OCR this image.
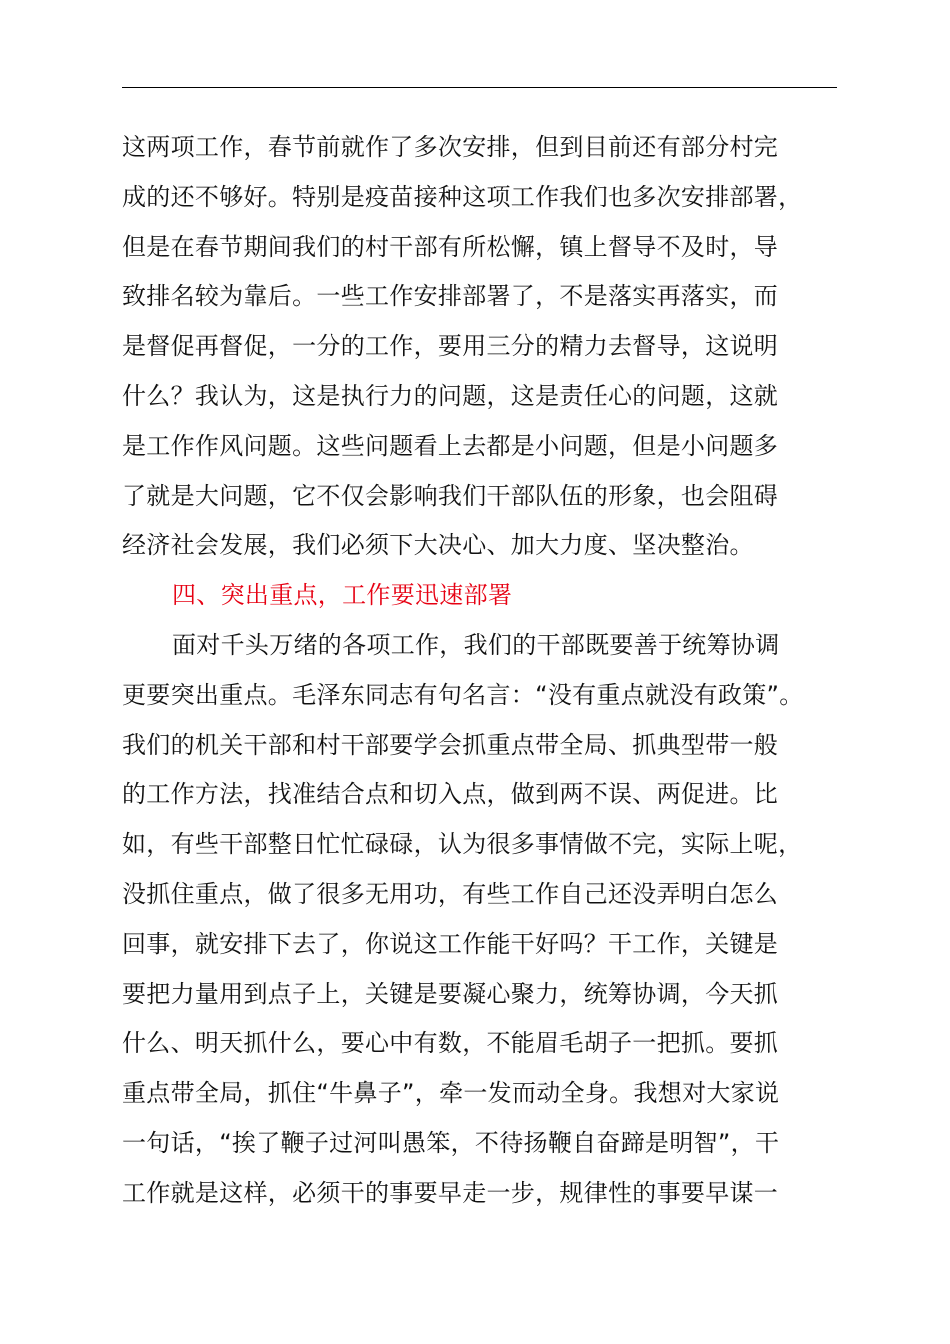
这两项工作，春节前就作了多次安排，但到目前还有部分村完
成的还不够好。特别是疫苗接种这项工作我们也多次安排部署，
但是在春节期间我们的村干部有所松懈，镇上督导不及时，导
致排名较为靠后。一些工作安排部署了，不是落实再落实，而
是督促再督促，一分的工作，要用三分的精力去督导，这说明
什么？我认为，这是执行力的问题，这是责任心的问题，这就
是工作作风问题。这些问题看上去都是小问题，但是小问题多
了就是大问题，它不仅会影响我们干部队伍的形象，也会阻碍
经济社会发展，我们必须下大决心、加大力度、坚决整治。
四、突出重点，工作要迅速部署
面对千头万绪的各项工作，我们的干部既要善于统筹协调
更要突出重点。毛泽东同志有句名言：“没有重点就没有政策”。
我们的机关干部和村干部要学会抓重点带全局、抓典型带一般
的工作方法，找准结合点和切入点，做到两不误、两促进。比
如，有些干部整日忙忙碌碌，认为很多事情做不完，实际上呢，
没抓住重点，做了很多无用功，有些工作自己还没弄明白怎么
回事，就安排下去了，你说这工作能干好吗？干工作，关键是
要把力量用到点子上，关键是要凝心聚力，统筹协调，今天抓
什么、明天抓什么，要心中有数，不能眉毛胡子一把抓。要抓
重点带全局，抓住“牛鼻子”，牵一发而动全身。我想对大家说
一句话，“挨了鞭子过河叫愚笨，不待扬鞭自奋蹄是明智”，干
工作就是这样，必须干的事要早走一步，规律性的事要早谋一
